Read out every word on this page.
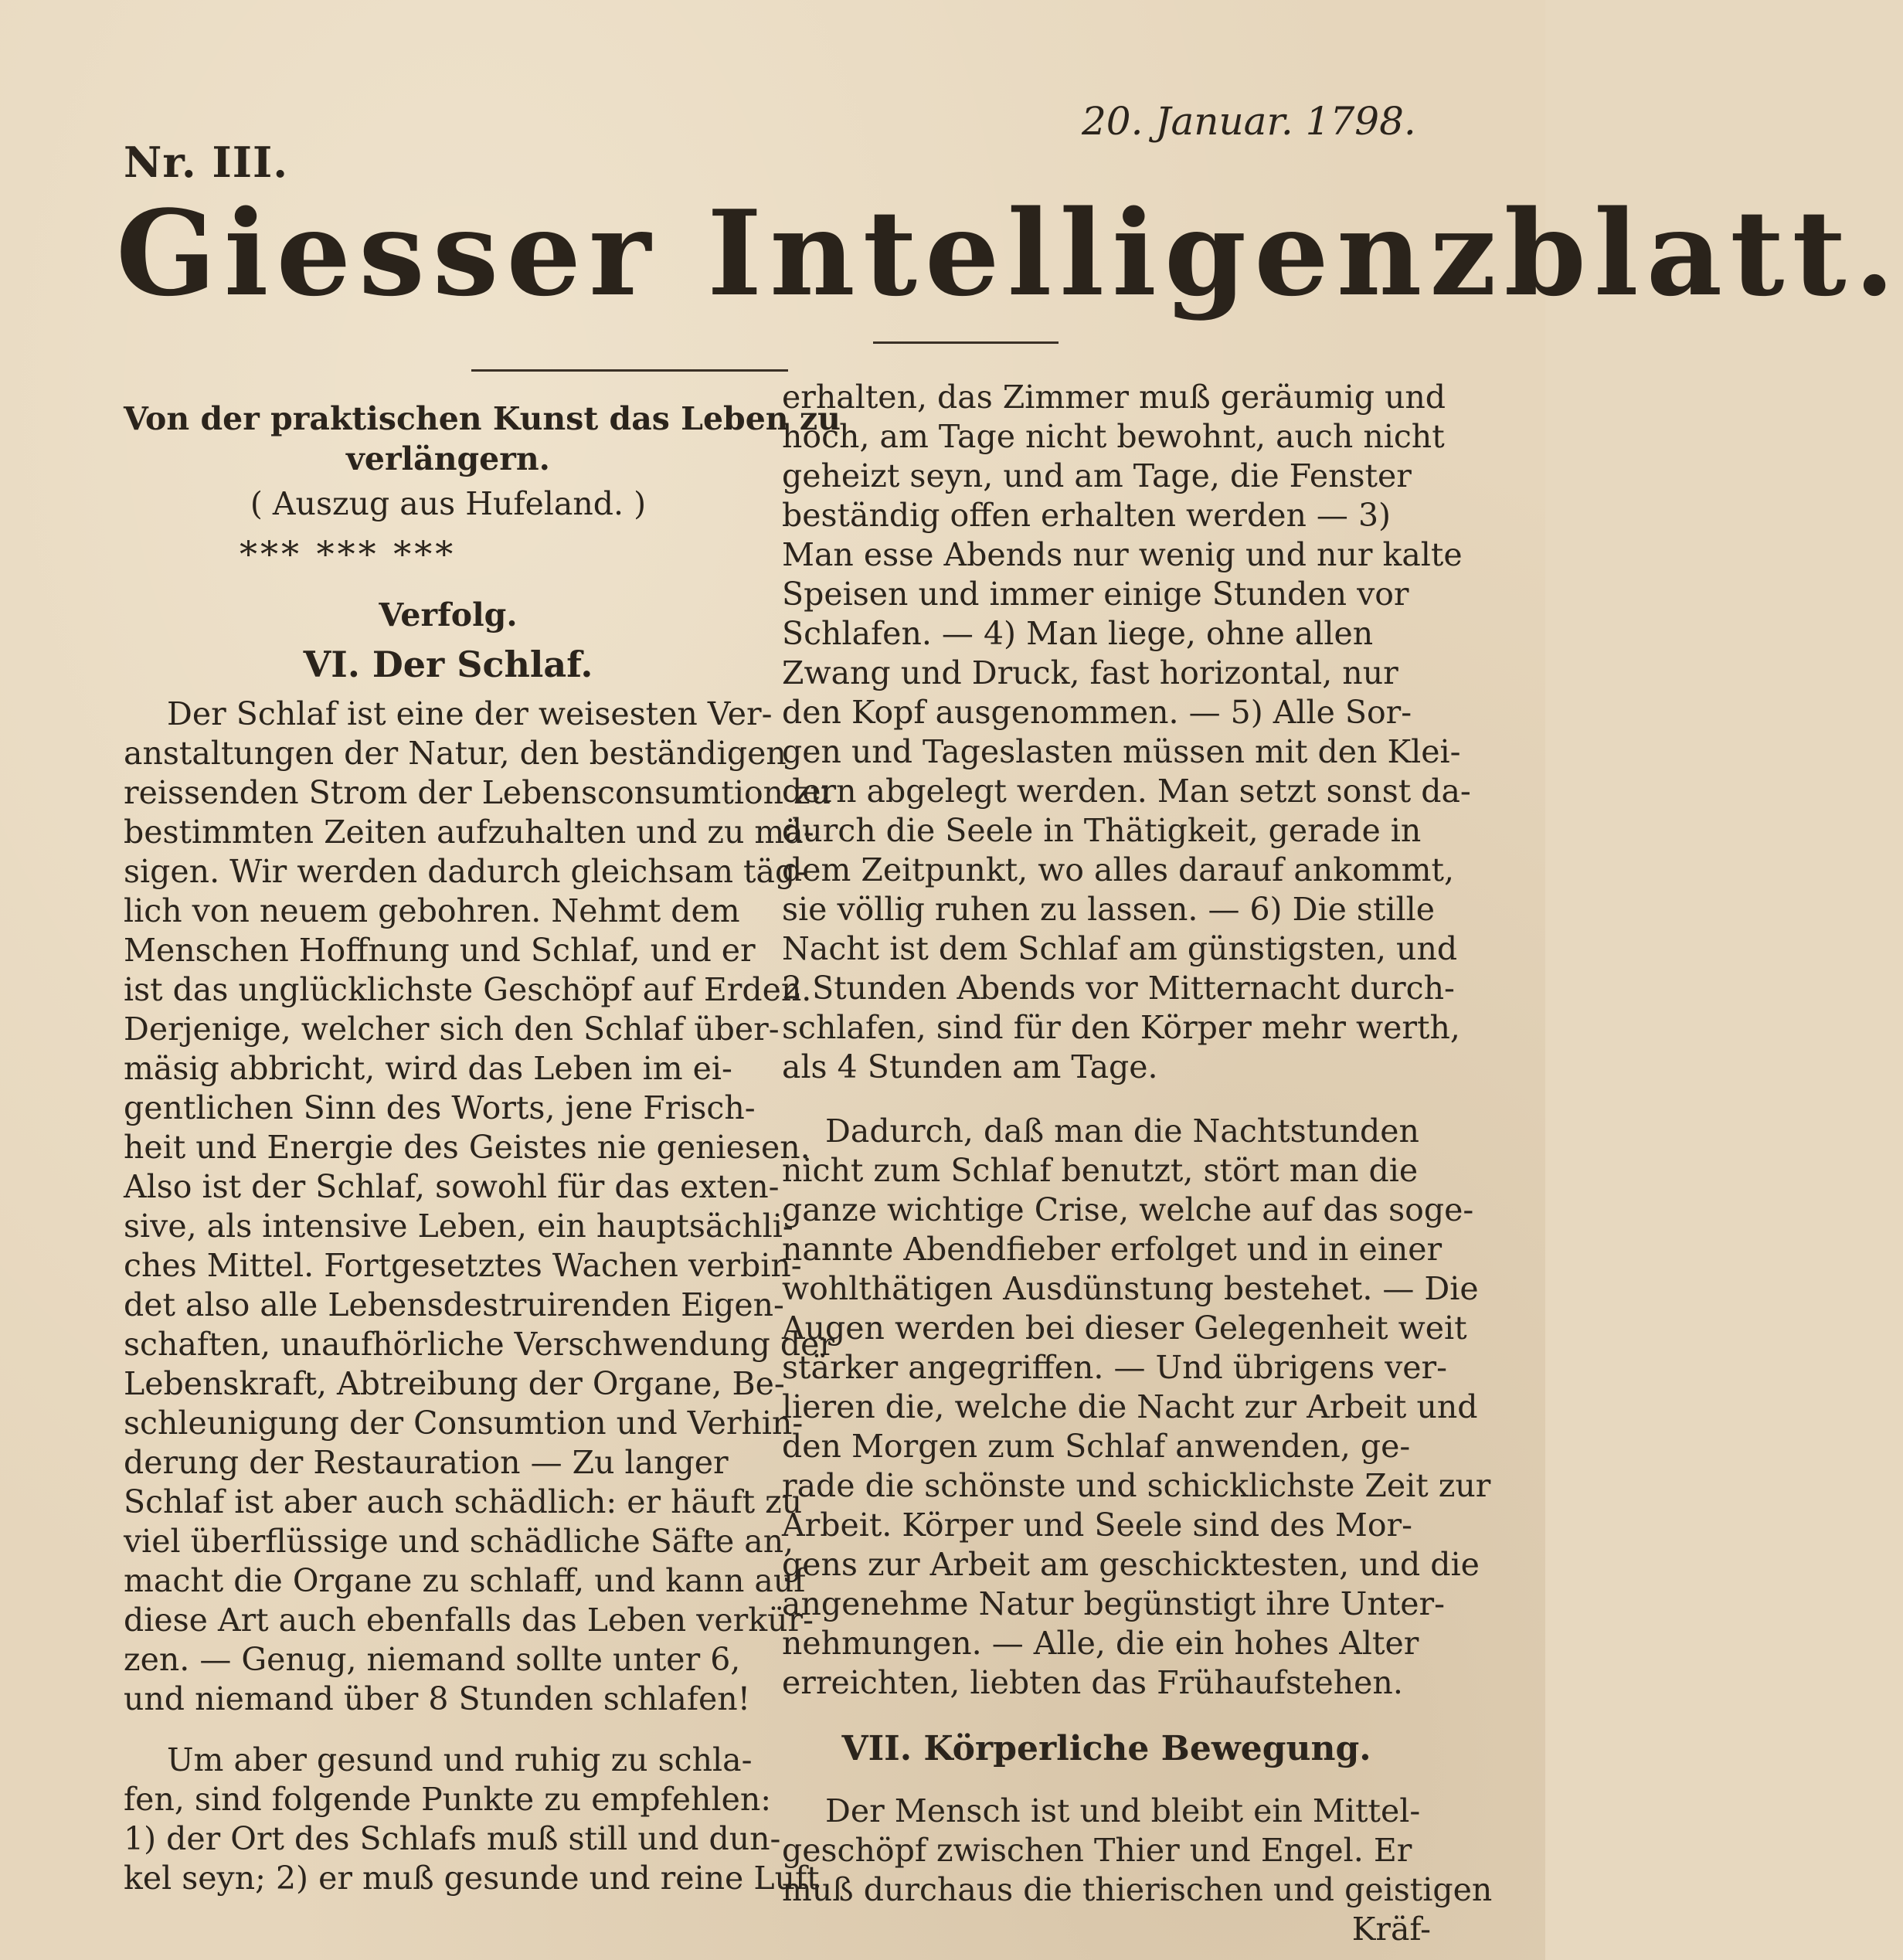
Nr. III.
20. Januar. 1798.
Giesser Intelligenzblatt.
Von der praktischen Kunst das Leben zu
verlängern.
( Auszug aus Hufeland. )
*** *** ***
Verfolg.
VI. Der Schlaf.
Der Schlaf ist eine der weisesten Ver-
anstaltungen der Natur, den beständigen
reissenden Strom der Lebensconsumtion zu
bestimmten Zeiten aufzuhalten und zu mä-
sigen. Wir werden dadurch gleichsam täg-
lich von neuem gebohren. Nehmt dem
Menschen Hoffnung und Schlaf, und er
ist das unglücklichste Geschöpf auf Erden.
Derjenige, welcher sich den Schlaf über-
mäsig abbricht, wird das Leben im ei-
gentlichen Sinn des Worts, jene Frisch-
heit und Energie des Geistes nie geniesen.
Also ist der Schlaf, sowohl für das exten-
sive, als intensive Leben, ein hauptsächli-
ches Mittel. Fortgesetztes Wachen verbin-
det also alle Lebensdestruirenden Eigen-
schaften, unaufhörliche Verschwendung der
Lebenskraft, Abtreibung der Organe, Be-
schleunigung der Consumtion und Verhin-
derung der Restauration — Zu langer
Schlaf ist aber auch schädlich: er häuft zu
viel überflüssige und schädliche Säfte an,
macht die Organe zu schlaff, und kann auf
diese Art auch ebenfalls das Leben verkür-
zen. — Genug, niemand sollte unter 6,
und niemand über 8 Stunden schlafen!
Um aber gesund und ruhig zu schla-
fen, sind folgende Punkte zu empfehlen:
1) der Ort des Schlafs muß still und dun-
kel seyn; 2) er muß gesunde und reine Luft
erhalten, das Zimmer muß geräumig und
hoch, am Tage nicht bewohnt, auch nicht
geheizt seyn, und am Tage, die Fenster
beständig offen erhalten werden — 3)
Man esse Abends nur wenig und nur kalte
Speisen und immer einige Stunden vor
Schlafen. — 4) Man liege, ohne allen
Zwang und Druck, fast horizontal, nur
den Kopf ausgenommen. — 5) Alle Sor-
gen und Tageslasten müssen mit den Klei-
dern abgelegt werden. Man setzt sonst da-
durch die Seele in Thätigkeit, gerade in
dem Zeitpunkt, wo alles darauf ankommt,
sie völlig ruhen zu lassen. — 6) Die stille
Nacht ist dem Schlaf am günstigsten, und
2 Stunden Abends vor Mitternacht durch-
schlafen, sind für den Körper mehr werth,
als 4 Stunden am Tage.
Dadurch, daß man die Nachtstunden
nicht zum Schlaf benutzt, stört man die
ganze wichtige Crise, welche auf das soge-
nannte Abendfieber erfolget und in einer
wohlthätigen Ausdünstung bestehet. — Die
Augen werden bei dieser Gelegenheit weit
stärker angegriffen. — Und übrigens ver-
lieren die, welche die Nacht zur Arbeit und
den Morgen zum Schlaf anwenden, ge-
rade die schönste und schicklichste Zeit zur
Arbeit. Körper und Seele sind des Mor-
gens zur Arbeit am geschicktesten, und die
angenehme Natur begünstigt ihre Unter-
nehmungen. — Alle, die ein hohes Alter
erreichten, liebten das Frühaufstehen.
VII. Körperliche Bewegung.
Der Mensch ist und bleibt ein Mittel-
geschöpf zwischen Thier und Engel. Er
muß durchaus die thierischen und geistigen
Kräf-
